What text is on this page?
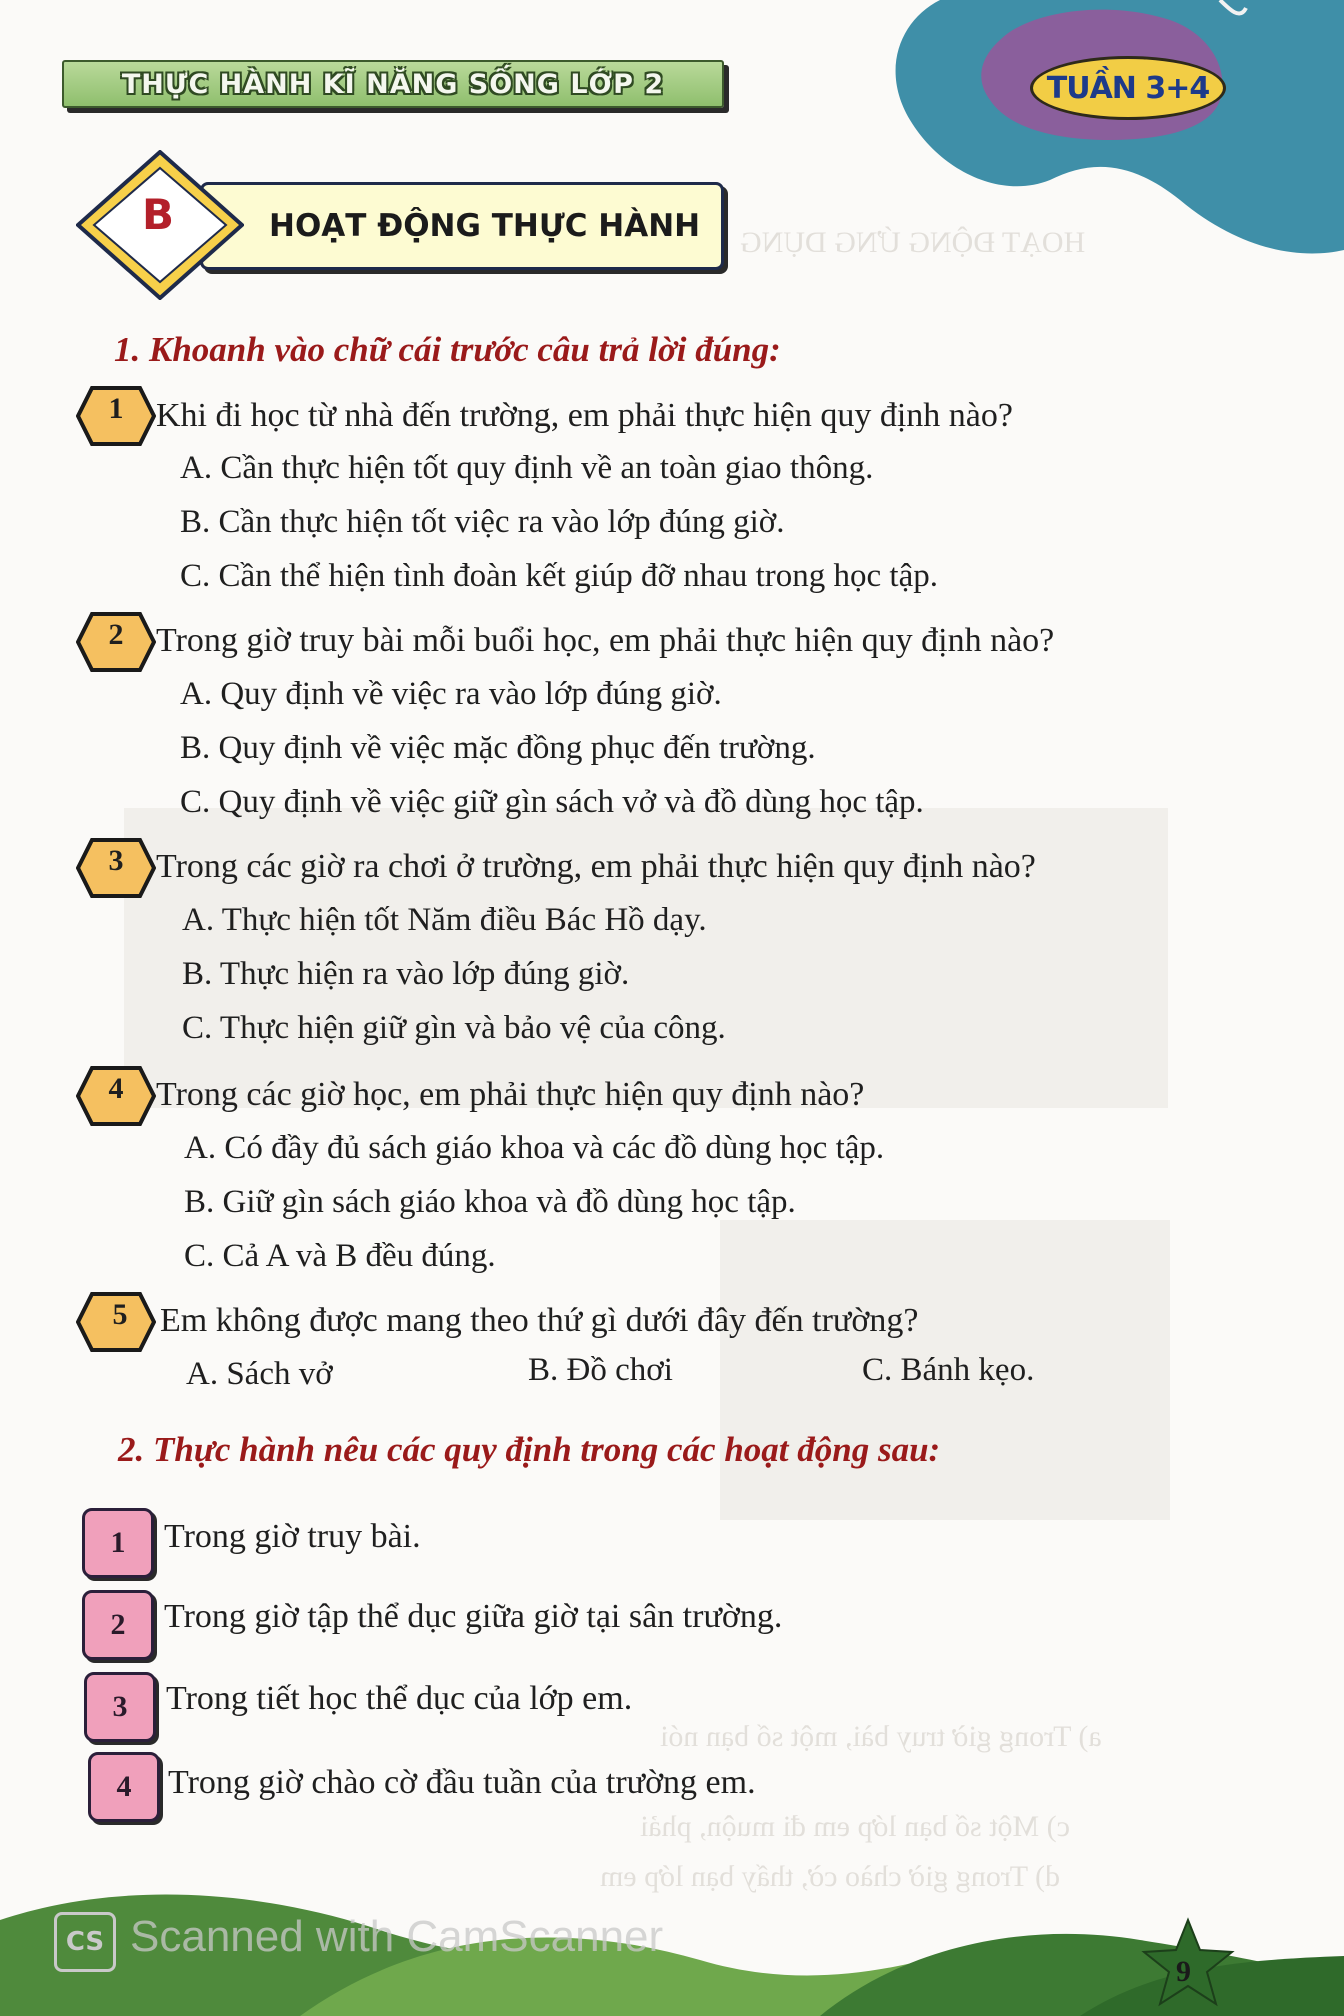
HOẠT ĐỘNG ỨNG DỤNG
a) Trong giờ truy bài, một số bạn nói
c) Một số bạn lớp em đi muộn, phải
d) Trong giờ chào cờ, thấy bạn lớp em
THỰC HÀNH KĨ NĂNG SỐNG LỚP 2	TUẦN 3+4
HOẠT ĐỘNG THỰC HÀNH
B
1. Khoanh vào chữ cái trước câu trả lời đúng:
1 Khi đi học từ nhà đến trường, em phải thực hiện quy định nào?
A. Cần thực hiện tốt quy định về an toàn giao thông.
B. Cần thực hiện tốt việc ra vào lớp đúng giờ.
C. Cần thể hiện tình đoàn kết giúp đỡ nhau trong học tập.
2 Trong giờ truy bài mỗi buổi học, em phải thực hiện quy định nào?
A. Quy định về việc ra vào lớp đúng giờ.
B. Quy định về việc mặc đồng phục đến trường.
C. Quy định về việc giữ gìn sách vở và đồ dùng học tập.
3 Trong các giờ ra chơi ở trường, em phải thực hiện quy định nào?
A. Thực hiện tốt Năm điều Bác Hồ dạy.
B. Thực hiện ra vào lớp đúng giờ.
C. Thực hiện giữ gìn và bảo vệ của công.
4 Trong các giờ học, em phải thực hiện quy định nào?
A. Có đầy đủ sách giáo khoa và các đồ dùng học tập.
B. Giữ gìn sách giáo khoa và đồ dùng học tập.
C. Cả A và B đều đúng.
5 Em không được mang theo thứ gì dưới đây đến trường?
A. Sách vở	B. Đồ chơi	C. Bánh kẹo.
2. Thực hành nêu các quy định trong các hoạt động sau:
1 Trong giờ truy bài.
2 Trong giờ tập thể dục giữa giờ tại sân trường.
3 Trong tiết học thể dục của lớp em.
4 Trong giờ chào cờ đầu tuần của trường em.
9
CS Scanned with CamScanner
